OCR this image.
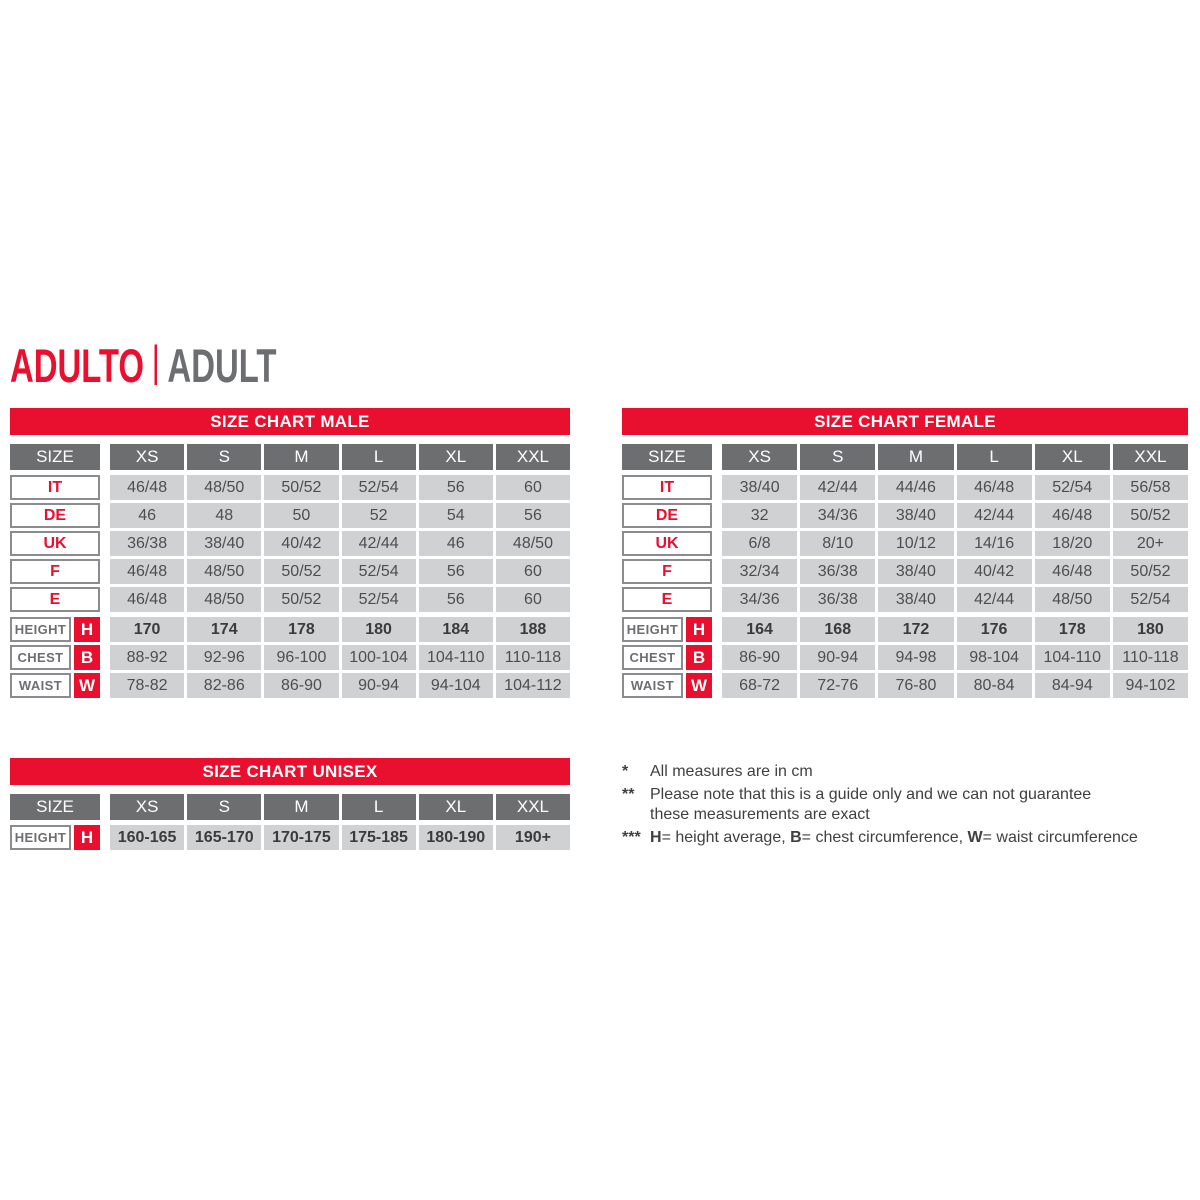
ADULTO | ADULT
SIZE CHART MALE
SIZE	XS	S	M	L	XL	XXL
IT	46/48	48/50	50/52	52/54	56	60
DE	46	48	50	52	54	56
UK	36/38	38/40	40/42	42/44	46	48/50
F	46/48	48/50	50/52	52/54	56	60
E	46/48	48/50	50/52	52/54	56	60
HEIGHT H	170	174	178	180	184	188
CHEST	B	88-92	92-96	96-100	100-104	104-110	110-118
WAIST W	78-82	82-86	86-90	90-94	94-104	104-112
SIZE CHART FEMALE
SIZE	XS	S	M	L	XL	XXL
IT	38/40	42/44	44/46	46/48	52/54	56/58
DE	32	34/36	38/40	42/44	46/48	50/52
UK	6/8	8/10	10/12	14/16	18/20	20+
F	32/34	36/38	38/40	40/42	46/48	50/52
E	34/36	36/38	38/40	42/44	48/50	52/54
HEIGHT H	164	168	172	176	178	180
CHEST	B	86-90	90-94	94-98	98-104	104-110	110-118
WAIST W	68-72	72-76	76-80	80-84	84-94	94-102
SIZE CHART UNISEX
SIZE	XS	S	M	L	XL	XXL
HEIGHT H	160-165	165-170	170-175	175-185	180-190	190+
*	All measures are in cm
** Please note that this is a guide only and we can not guarantee
these measurements are exact
*** H= height average, B= chest circumference, W= waist circumference
